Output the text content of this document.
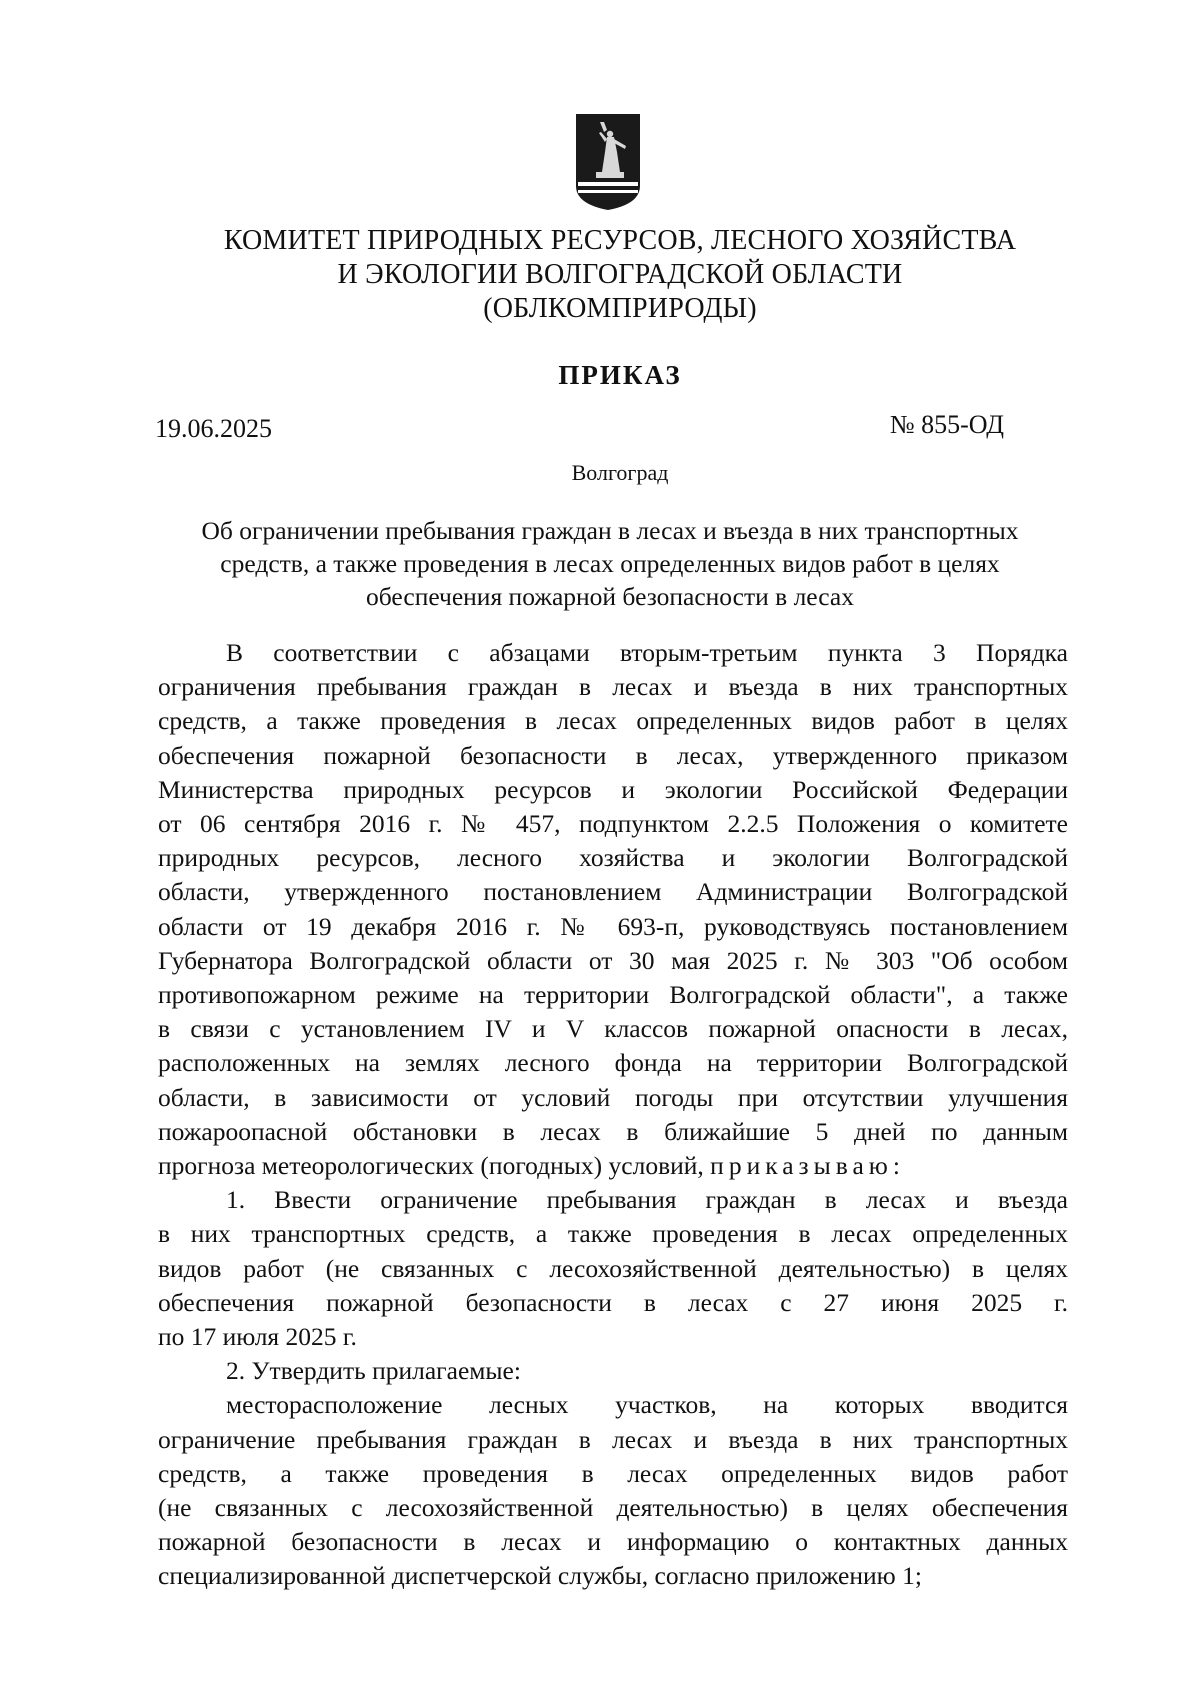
КОМИТЕТ ПРИРОДНЫХ РЕСУРСОВ, ЛЕСНОГО ХОЗЯЙСТВА
И ЭКОЛОГИИ ВОЛГОГРАДСКОЙ ОБЛАСТИ
(ОБЛКОМПРИРОДЫ)
ПРИКАЗ
19.06.2025	№ 855-ОД
Волгоград
Об ограничении пребывания граждан в лесах и въезда в них транспортных
средств, а также проведения в лесах определенных видов работ в целях
обеспечения пожарной безопасности в лесах
В соответствии с абзацами вторым-третьим пункта 3 Порядка
ограничения пребывания граждан в лесах и въезда в них транспортных
средств, а также проведения в лесах определенных видов работ в целях
обеспечения пожарной безопасности в лесах, утвержденного приказом
Министерства природных ресурсов и экологии Российской Федерации
от 06 сентября 2016 г. № 457, подпунктом 2.2.5 Положения о комитете
природных ресурсов, лесного хозяйства и экологии Волгоградской
области, утвержденного постановлением Администрации Волгоградской
области от 19 декабря 2016 г. № 693-п, руководствуясь постановлением
Губернатора Волгоградской области от 30 мая 2025 г. № 303 "Об особом
противопожарном режиме на территории Волгоградской области", а также
в связи с установлением IV и V классов пожарной опасности в лесах,
расположенных на землях лесного фонда на территории Волгоградской
области, в зависимости от условий погоды при отсутствии улучшения
пожароопасной обстановки в лесах в ближайшие 5 дней по данным
прогноза метеорологических (погодных) условий, приказываю:
1. Ввести ограничение пребывания граждан в лесах и въезда
в них транспортных средств, а также проведения в лесах определенных
видов работ (не связанных с лесохозяйственной деятельностью) в целях
обеспечения пожарной безопасности в лесах с 27 июня 2025 г.
по 17 июля 2025 г.
2. Утвердить прилагаемые:
месторасположение лесных участков, на которых вводится
ограничение пребывания граждан в лесах и въезда в них транспортных
средств, а также проведения в лесах определенных видов работ
(не связанных с лесохозяйственной деятельностью) в целях обеспечения
пожарной безопасности в лесах и информацию о контактных данных
специализированной диспетчерской службы, согласно приложению 1;
